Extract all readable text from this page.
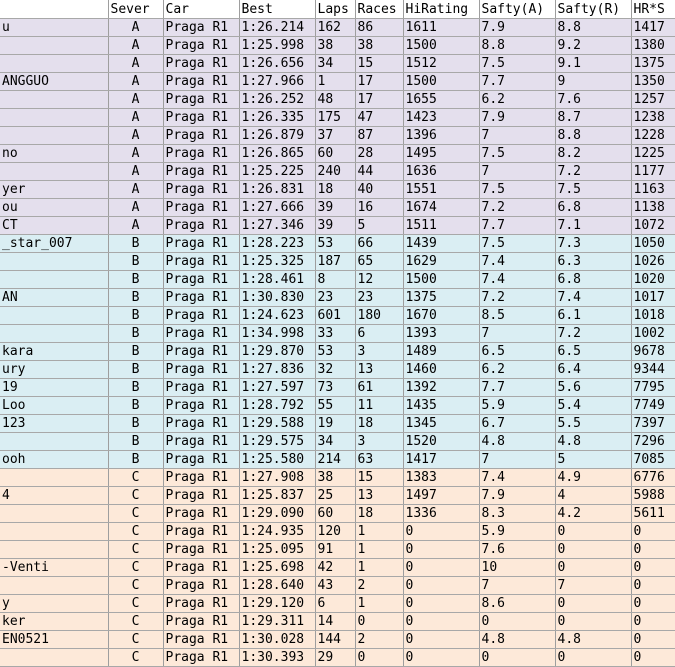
	Sever	Car	Best	Laps	Races	HiRating	Safty(A)	Safty(R)	HR*S
u	A	Praga R1	1:26.214	162	86	1611	7.9	8.8	1417
	A	Praga R1	1:25.998	38	38	1500	8.8	9.2	1380
	A	Praga R1	1:26.656	34	15	1512	7.5	9.1	1375
ANGGUO	A	Praga R1	1:27.966	1	17	1500	7.7	9	1350
	A	Praga R1	1:26.252	48	17	1655	6.2	7.6	1257
	A	Praga R1	1:26.335	175	47	1423	7.9	8.7	1238
	A	Praga R1	1:26.879	37	87	1396	7	8.8	1228
no	A	Praga R1	1:26.865	60	28	1495	7.5	8.2	1225
	A	Praga R1	1:25.225	240	44	1636	7	7.2	1177
yer	A	Praga R1	1:26.831	18	40	1551	7.5	7.5	1163
ou	A	Praga R1	1:27.666	39	16	1674	7.2	6.8	1138
CT	A	Praga R1	1:27.346	39	5	1511	7.7	7.1	1072
_star_007	B	Praga R1	1:28.223	53	66	1439	7.5	7.3	1050
	B	Praga R1	1:25.325	187	65	1629	7.4	6.3	1026
	B	Praga R1	1:28.461	8	12	1500	7.4	6.8	1020
AN	B	Praga R1	1:30.830	23	23	1375	7.2	7.4	1017
	B	Praga R1	1:24.623	601	180	1670	8.5	6.1	1018
	B	Praga R1	1:34.998	33	6	1393	7	7.2	1002
kara	B	Praga R1	1:29.870	53	3	1489	6.5	6.5	9678
ury	B	Praga R1	1:27.836	32	13	1460	6.2	6.4	9344
19	B	Praga R1	1:27.597	73	61	1392	7.7	5.6	7795
Loo	B	Praga R1	1:28.792	55	11	1435	5.9	5.4	7749
123	B	Praga R1	1:29.588	19	18	1345	6.7	5.5	7397
	B	Praga R1	1:29.575	34	3	1520	4.8	4.8	7296
ooh	B	Praga R1	1:25.580	214	63	1417	7	5	7085
	C	Praga R1	1:27.908	38	15	1383	7.4	4.9	6776
4	C	Praga R1	1:25.837	25	13	1497	7.9	4	5988
	C	Praga R1	1:29.090	60	18	1336	8.3	4.2	5611
	C	Praga R1	1:24.935	120	1	0	5.9	0	0
	C	Praga R1	1:25.095	91	1	0	7.6	0	0
-Venti	C	Praga R1	1:25.698	42	1	0	10	0	0
	C	Praga R1	1:28.640	43	2	0	7	7	0
y	C	Praga R1	1:29.120	6	1	0	8.6	0	0
ker	C	Praga R1	1:29.311	14	0	0	0	0	0
EN0521	C	Praga R1	1:30.028	144	2	0	4.8	4.8	0
	C	Praga R1	1:30.393	29	0	0	0	0	0
